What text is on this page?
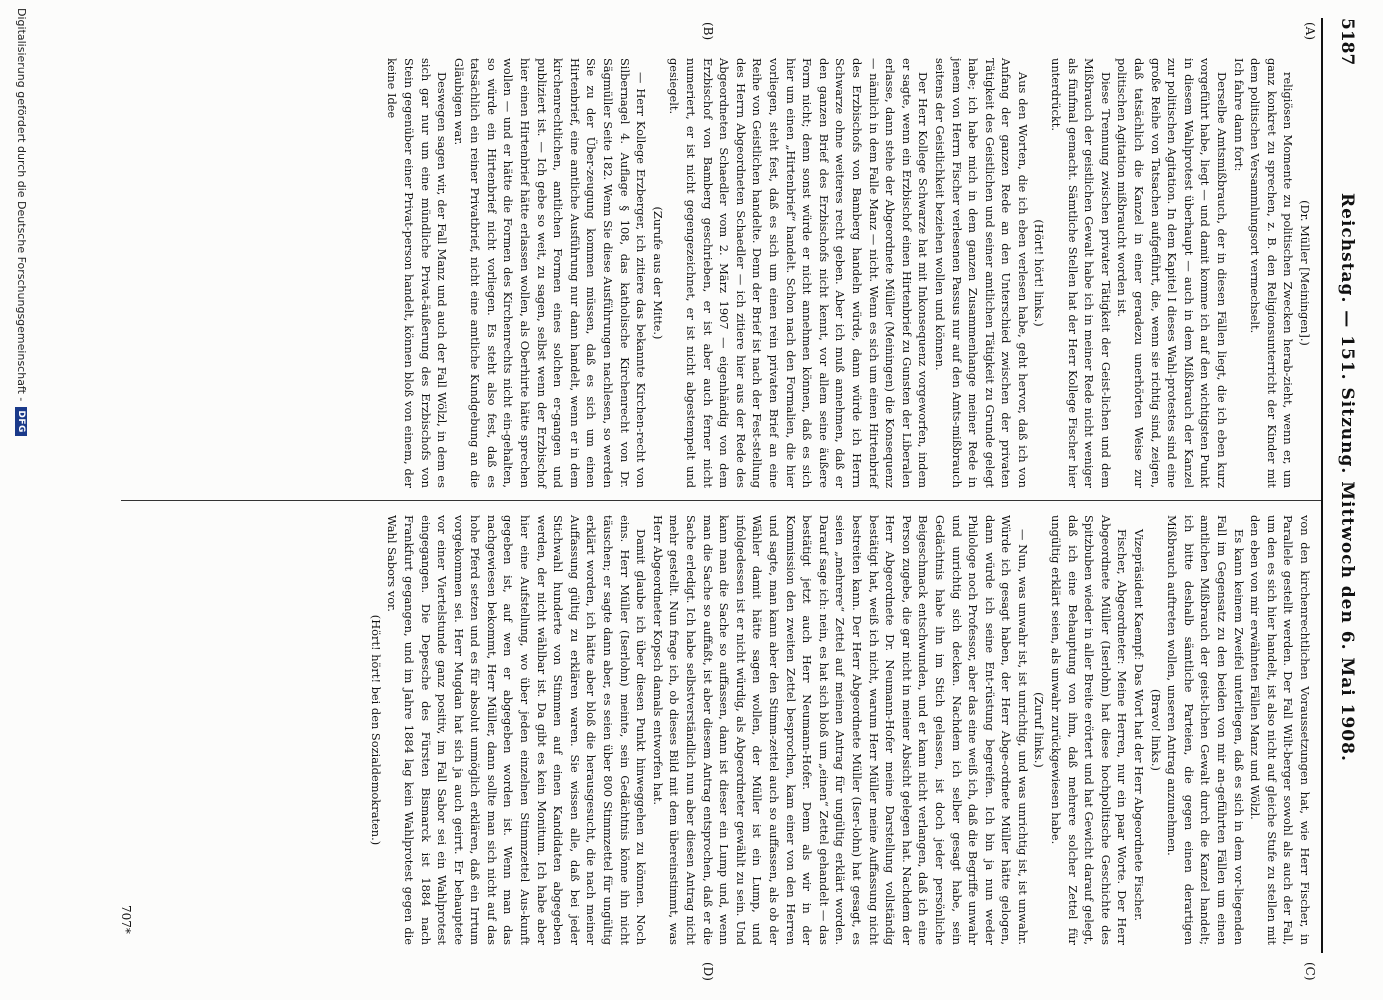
5187
Reichstag. — 151. Sitzung. Mittwoch den 6. Mai 1908.
(A)
(B)
(C)
(D)

(Dr. Müller [Meiningen].)

religiösen Momente zu politischen Zwecken herab-zieht, wenn er, um ganz konkret zu sprechen, z. B. den Religionsunterricht der Kinder mit dem politischen Versammlungsort vermechselt.

Ich fahre dann fort:

Derselbe Amtsmißbrauch, der in diesen Fällen liegt, die ich eben kurz vorgeführt habe, liegt — und damit komme ich auf den wichtigsten Punkt in diesem Wahlprotest überhaupt — auch in dem Mißbrauch der Kanzel zur politischen Agitation. In dem Kapitel I dieses Wahl-protestes sind eine große Reihe von Tatsachen aufgeführt, die, wenn sie richtig sind, zeigen, daß tatsächlich die Kanzel in einer geradezu unerhörten Weise zur politischen Agitation mißbraucht worden ist.

Diese Trennung zwischen privater Tätigkeit der Geist-lichen und dem Mißbrauch der geistlichen Gewalt habe ich in meiner Rede nicht weniger als fünfmal gemacht. Sämtliche Stellen hat der Herr Kollege Fischer hier unterdrückt.

(Hört! hört! links.)

Aus den Worten, die ich eben verlesen habe, geht hervor, daß ich von Anfang der ganzen Rede an den Unterschied zwischen der privaten Tätigkeit des Geistlichen und seiner amtlichen Tätigkeit zu Grunde gelegt habe; ich habe mich in dem ganzen Zusammenhange meiner Rede in jenem von Herrn Fischer verlesenen Passus nur auf den Amts-mißbrauch seitens der Geistlichkeit beziehen wollen und können.

Der Herr Kollege Schwarze hat mit Inkonsequenz vorgeworfen, indem er sagte, wenn ein Erzbischof einen Hirtenbrief zu Gunsten der Liberalen erlasse, dann stehe der Abgeordnete Müller (Meiningen) die Konsequenz — nämlich in dem Falle Manz — nicht. Wenn es sich um einen Hirtenbrief des Erzbischofs von Bamberg handeln würde, dann würde ich Herrn Schwarze ohne weiteres recht geben. Aber ich muß annehmen, daß er den ganzen Brief des Erzbischofs nicht kennt, vor allem seine äußere Form nicht; denn sonst würde er nicht annehmen können, daß es sich hier um einen „Hirtenbrief“ handelt. Schon nach den Formalien, die hier vorliegen, steht fest, daß es sich um einen rein privaten Brief an eine Reihe von Geistlichen handelte. Denn der Brief ist nach der Fest-stellung des Herrn Abgeordneten Schaedler — ich zitiere hier aus der Rede des Abgeordneten Schaedler vom 2. März 1907 — eigenhändig von dem Erzbischof von Bamberg geschrieben, er ist aber auch ferner nicht numeriert, er ist nicht gegengezeichnet, er ist nicht abgestempelt und gesiegelt.

(Zurufe aus der Mitte.)

— Herr Kollege Erzberger, ich zitiere das bekannte Kirchen-recht von Silbernagel 4. Auflage § 108, das katholische Kirchenrecht von Dr. Sägmüller Seite 182. Wenn Sie diese Ausführungen nachlesen, so werden Sie zu der Über-zeugung kommen müssen, daß es sich um einen Hirtenbrief, eine amtliche Ausführung nur dann handelt, wenn er in dem kirchenrechtlichen, amtlichen Formen eines solchen er-gangen und publiziert ist. — Ich gebe so weit, zu sagen, selbst wenn der Erzbischof hier einen Hirtenbrief hätte erlassen wollen, als Oberhirte hätte sprechen wollen — und er hätte die Formen des Kirchenrechts nicht ein-gehalten, so würde ein Hirtenbrief nicht vorliegen. Es steht also fest, daß es tatsächlich ein reiner Privatbrief, nicht eine amtliche Kundgebung an die Gläubigen war.

Deswegen sagen wir, der Fall Manz und auch der Fall Wölzl, in dem es sich gar nur um eine mündliche Privat-äußerung des Erzbischofs von Stein gegenüber einer Privat-person handelt, können bloß von einem, der keine Idee

von den kirchenrechtlichen Voraussetzungen hat, wie Herr Fischer, in Parallele gestellt werden. Der Fall Wilt-berger sowohl als auch der Fall, um den es sich hier handelt, ist also nicht auf gleiche Stufe zu stellen mit den eben von mir erwähnten Fällen Manz und Wölzl.

Es kann keinem Zweifel unterliegen, daß es sich in dem vor-liegenden Fall im Gegensatz zu den beiden von mir an-geführten Fällen um einen amtlichen Mißbrauch der geist-lichen Gewalt durch die Kanzel handelt; ich bitte deshalb sämtliche Parteien, die gegen einen derartigen Mißbrauch auftreten wollen, unseren Antrag anzunehmen.

(Bravo! links.)

Vizepräsident Kaempf: Das Wort hat der Herr Abgeordnete Fischer.

Fischer, Abgeordneter: Meine Herren, nur ein paar Worte. Der Herr Abgeordnete Müller (Iserlohn) hat diese hochpolitische Geschichte des Spitzbuben wieder in aller Breite erörtert und hat Gewicht darauf gelegt, daß ich eine Behauptung von ihm, daß mehrere solcher Zettel für ungültig erklärt seien, als unwahr zurückgewiesen habe.

(Zuruf links.)

— Nun, was unwahr ist, ist unrichtig, und was unrichtig ist, ist unwahr. Würde ich gesagt haben, der Herr Abge-ordnete Müller hätte gelogen, dann würde ich seine Ent-rüstung begreifen. Ich bin ja nun weder Philologe noch Professor, aber das eine weiß ich, daß die Begriffe unwahr und unrichtig sich decken. Nachdem ich selber gesagt habe, sein Gedächtnis habe ihn im Stich gelassen, ist doch jeder persönliche Beigeschmack entschwunden, und er kann nicht verlangen, daß ich eine Person zugebe, die gar nicht in meiner Absicht gelegen hat. Nachdem der Herr Abgeordnete Dr. Neumann-Hofer meine Darstellung vollständig bestätigt hat, weiß ich nicht, warum Herr Müller meine Auffassung nicht bestreiten kann. Der Herr Abgeordnete Müller (Iser-lohn) hat gesagt, es seien „mehrere“ Zettel auf meinen Antrag für ungültig erklärt worden. Darauf sage ich: nein, es hat sich bloß um „einen“ Zettel gehandelt — das bestätigt jetzt auch Herr Neumann-Hofer. Denn als wir in der Kommission den zweiten Zettel besprochen, kam einer von den Herren und sagte, man kann aber den Stimm-zettel auch so auffassen, als ob der Wähler damit hätte sagen wollen, der Müller ist ein Lump, und infolgedessen ist er nicht würdig, als Abgeordneter gewählt zu sein. Und kann man die Sache so auffassen, dann ist dieser ein Lump und, wenn man die Sache so auffaßt, ist aber diesem Antrag entsprochen, daß er die Sache erledigt. Ich habe selbstverständlich nun aber diesen Antrag nicht mehr gestellt. Nun frage ich, ob dieses Bild mit dem übereinstimmt, was Herr Abgeordneter Kopsch damals entworfen hat.

Damit glaube ich über diesen Punkt hinweggehen zu können. Noch eins. Herr Müller (Iserlohn) meinte, sein Gedächtnis könne ihn nicht täuschen; er sagte dann aber, es seien über 800 Stimmzettel für ungültig erklärt worden, ich hätte aber bloß die herausgesucht, die nach meiner Auffassung gültig zu erklären waren. Sie wissen alle, daß bei jeder Stichwahl hunderte von Stimmen auf einen Kandidaten abgegeben werden, der nicht wählbar ist. Da gibt es kein Monitum. Ich habe aber hier eine Aufstellung, wo über jeden einzelnen Stimmzettel Aus-kunft gegeben ist, auf wen er abgegeben worden ist. Wenn man das nachgewiesen bekommt, Herr Müller, dann sollte man sich nicht auf das hohe Pferd setzen und es für absolut unmöglich erklären, daß ein Irrtum vorgekommen sei. Herr Mugdan hat sich ja auch geirrt. Er behauptete vor einer Viertelstunde ganz positiv, im Fall Sabor sei ein Wahlprotest eingegangen. Die Depesche des Fürsten Bismarck ist 1884 nach Frankfurt gegangen, und im Jahre 1884 lag kein Wahlprotest gegen die Wahl Sabors vor.

(Hört! hört! bei den Sozialdemokraten.)

707*
Digitalisierung gefördert durch die Deutsche Forschungsgemeinschaft -
DFG
